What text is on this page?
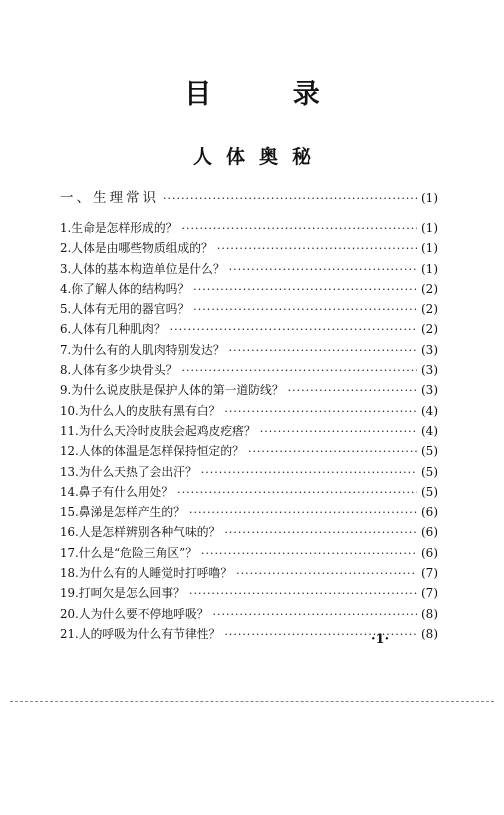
目 录
人体奥秘
一、生理常识 ·····	(1)
1. 生命是怎样形成的？ ·····	(1)
2. 人体是由哪些物质组成的？ ·····	(1)
3. 人体的基本构造单位是什么？ ·····	(1)
4. 你了解人体的结构吗？ ·····	(2)
5. 人体有无用的器官吗？ ·····	(2)
6. 人体有几种肌肉？ ·····	(2)
7. 为什么有的人肌肉特别发达？ ·····	(3)
8. 人体有多少块骨头？ ·····	(3)
9. 为什么说皮肤是保护人体的第一道防线？ ·····	(3)
10. 为什么人的皮肤有黑有白？ ·····	(4)
11. 为什么天冷时皮肤会起鸡皮疙瘩？ ·····	(4)
12. 人体的体温是怎样保持恒定的？ ·····	(5)
13. 为什么天热了会出汗？ ·····	(5)
14. 鼻子有什么用处？ ·····	(5)
15. 鼻涕是怎样产生的？ ·····	(6)
16. 人是怎样辨别各种气味的？ ·····	(6)
17. 什么是“危险三角区”？ ·····	(6)
18. 为什么有的人睡觉时打呼噜？ ·····	(7)
19. 打呵欠是怎么回事？ ·····	(7)
20. 人为什么要不停地呼吸？ ·····	(8)
21. 人的呼吸为什么有节律性？ ·····	(8)
·1·
